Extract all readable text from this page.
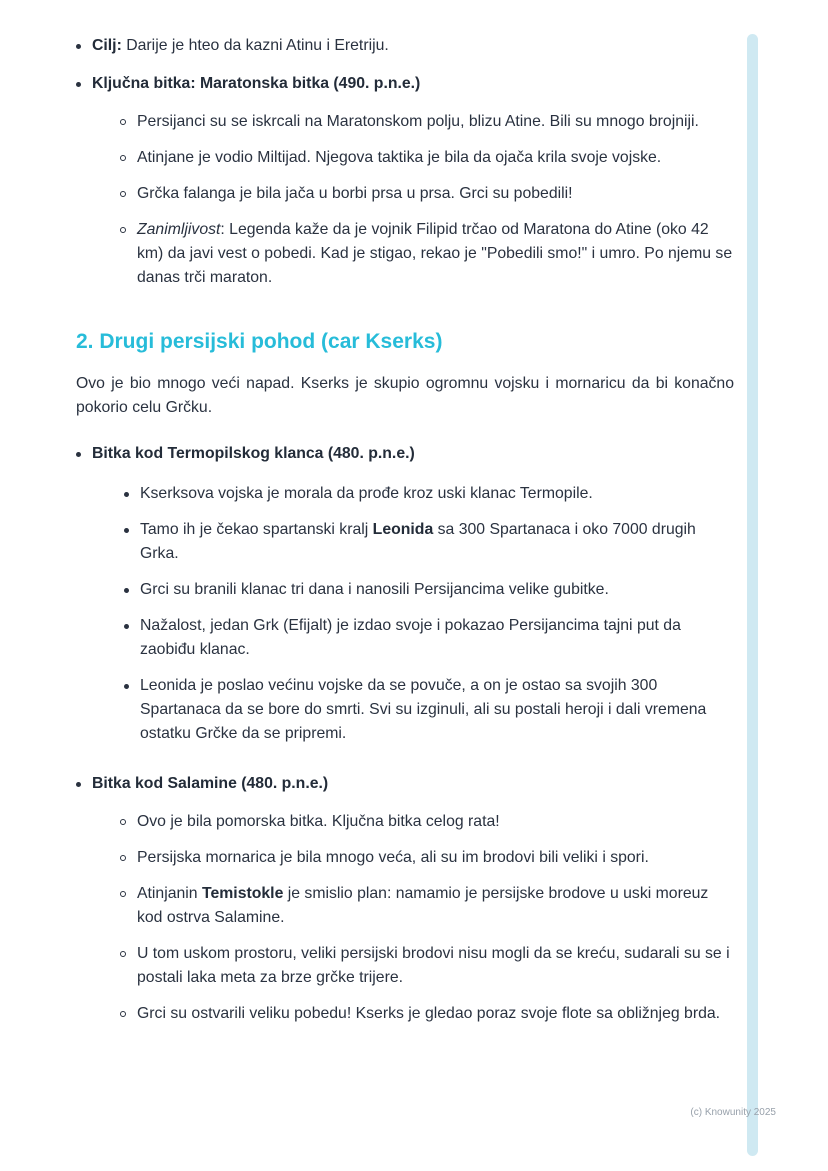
Cilj: Darije je hteo da kazni Atinu i Eretriju.

Ključna bitka: Maratonska bitka (490. p.n.e.)

Persijanci su se iskrcali na Maratonskom polju, blizu Atine. Bili su mnogo brojniji.

Atinjane je vodio Miltijad. Njegova taktika je bila da ojača krila svoje vojske.

Grčka falanga je bila jača u borbi prsa u prsa. Grci su pobedili!

Zanimljivost: Legenda kaže da je vojnik Filipid trčao od Maratona do Atine (oko 42 km) da javi vest o pobedi. Kad je stigao, rekao je "Pobedili smo!" i umro. Po njemu se danas trči maraton.

2. Drugi persijski pohod (car Kserks)

Ovo je bio mnogo veći napad. Kserks je skupio ogromnu vojsku i mornaricu da bi konačno pokorio celu Grčku.

Bitka kod Termopilskog klanca (480. p.n.e.)

Kserksova vojska je morala da prođe kroz uski klanac Termopile.

Tamo ih je čekao spartanski kralj Leonida sa 300 Spartanaca i oko 7000 drugih Grka.

Grci su branili klanac tri dana i nanosili Persijancima velike gubitke.

Nažalost, jedan Grk (Efijalt) je izdao svoje i pokazao Persijancima tajni put da zaobiđu klanac.

Leonida je poslao većinu vojske da se povuče, a on je ostao sa svojih 300 Spartanaca da se bore do smrti. Svi su izginuli, ali su postali heroji i dali vremena ostatku Grčke da se pripremi.

Bitka kod Salamine (480. p.n.e.)

Ovo je bila pomorska bitka. Ključna bitka celog rata!

Persijska mornarica je bila mnogo veća, ali su im brodovi bili veliki i spori.

Atinjanin Temistokle je smislio plan: namamio je persijske brodove u uski moreuz kod ostrva Salamine.

U tom uskom prostoru, veliki persijski brodovi nisu mogli da se kreću, sudarali su se i postali laka meta za brze grčke trijere.

Grci su ostvarili veliku pobedu! Kserks je gledao poraz svoje flote sa obližnjeg brda.

(c) Knowunity 2025
